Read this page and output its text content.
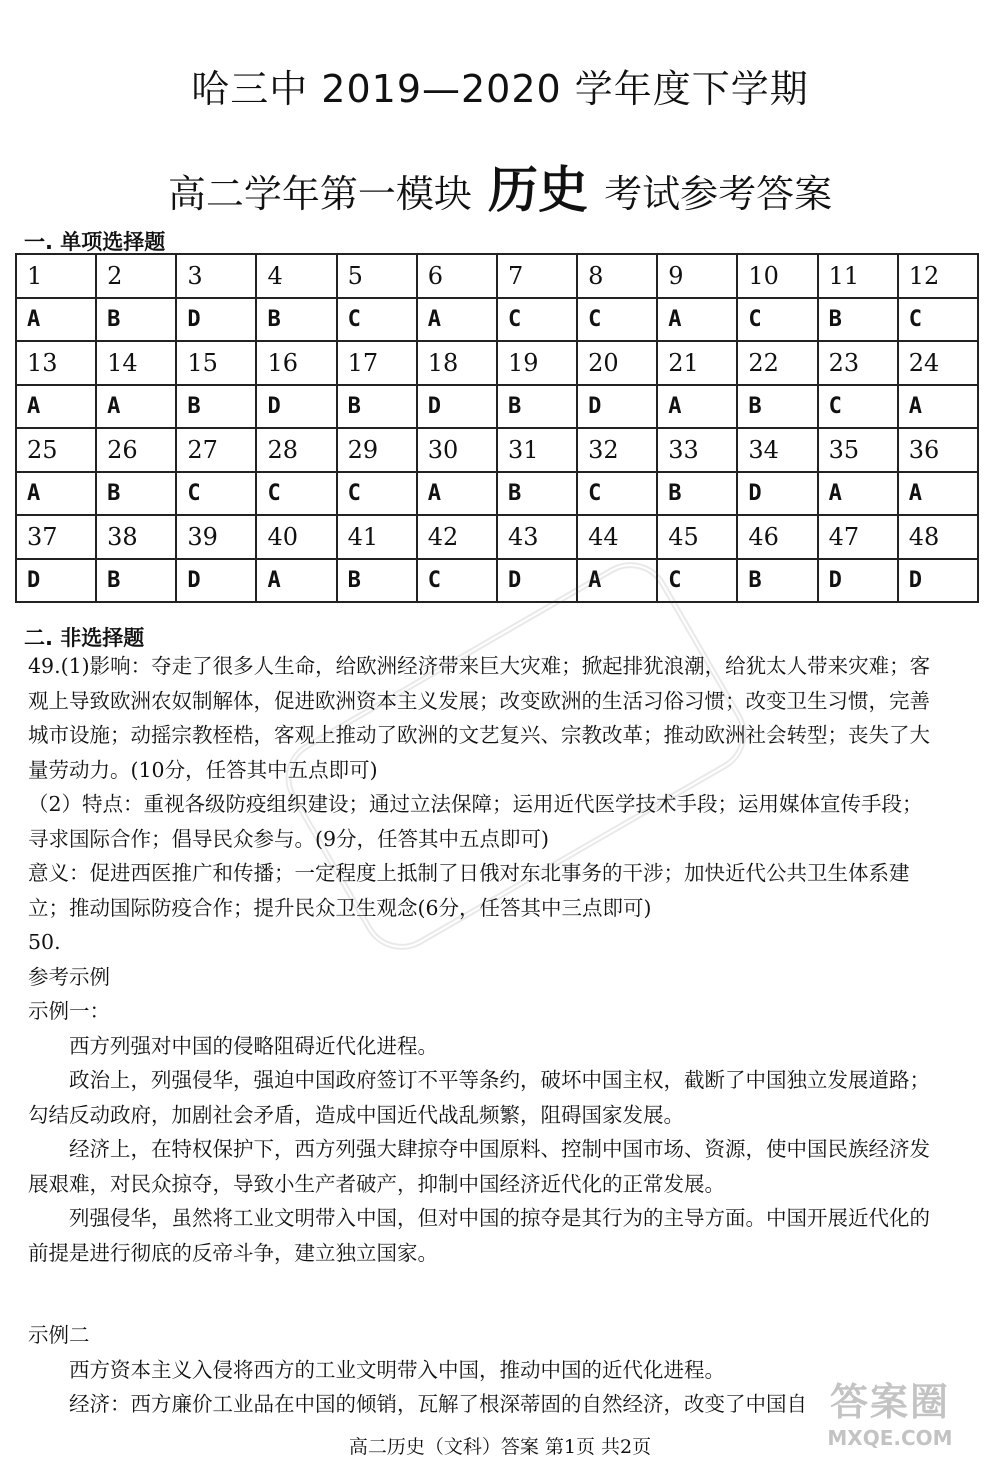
哈三中 2019—2020 学年度下学期
高二学年第一模块 历史 考试参考答案
一. 单项选择题
1	2	3	4	5	6	7	8	9	10	11	12
A	B	D	B	C	A	C	C	A	C	B	C
13	14	15	16	17	18	19	20	21	22	23	24
A	A	B	D	B	D	B	D	A	B	C	A
25	26	27	28	29	30	31	32	33	34	35	36
A	B	C	C	C	A	B	C	B	D	A	A
37	38	39	40	41	42	43	44	45	46	47	48
D	B	D	A	B	C	D	A	C	B	D	D
二. 非选择题

49.(1)影响：夺走了很多人生命，给欧洲经济带来巨大灾难；掀起排犹浪潮，给犹太人带来灾难；客观上导致欧洲农奴制解体，促进欧洲资本主义发展；改变欧洲的生活习俗习惯；改变卫生习惯，完善城市设施；动摇宗教桎梏，客观上推动了欧洲的文艺复兴、宗教改革；推动欧洲社会转型；丧失了大量劳动力。(10分，任答其中五点即可)

（2）特点：重视各级防疫组织建设；通过立法保障；运用近代医学技术手段；运用媒体宣传手段；寻求国际合作；倡导民众参与。(9分，任答其中五点即可)

意义：促进西医推广和传播；一定程度上抵制了日俄对东北事务的干涉；加快近代公共卫生体系建立；推动国际防疫合作；提升民众卫生观念(6分，任答其中三点即可)

50.

参考示例

示例一：

西方列强对中国的侵略阻碍近代化进程。

政治上，列强侵华，强迫中国政府签订不平等条约，破坏中国主权，截断了中国独立发展道路；勾结反动政府，加剧社会矛盾，造成中国近代战乱频繁，阻碍国家发展。

经济上，在特权保护下，西方列强大肆掠夺中国原料、控制中国市场、资源，使中国民族经济发展艰难，对民众掠夺，导致小生产者破产，抑制中国经济近代化的正常发展。

列强侵华，虽然将工业文明带入中国，但对中国的掠夺是其行为的主导方面。中国开展近代化的前提是进行彻底的反帝斗争，建立独立国家。

示例二

西方资本主义入侵将西方的工业文明带入中国，推动中国的近代化进程。

经济：西方廉价工业品在中国的倾销，瓦解了根深蒂固的自然经济，改变了中国自

高二历史（文科）答案 第1页 共2页
答案圈
MXQE.COM
